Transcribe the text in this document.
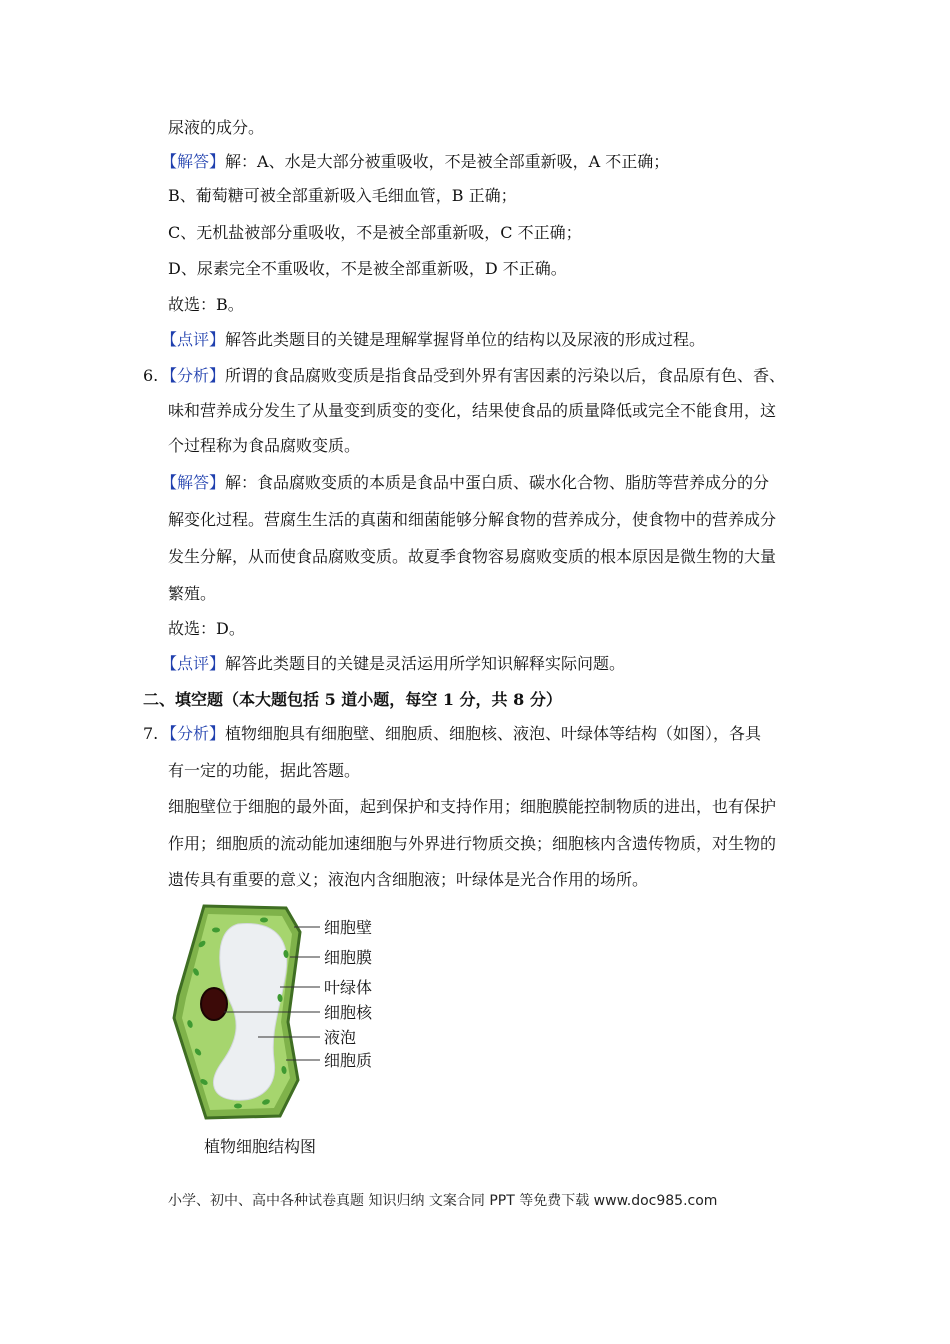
尿液的成分。
【解答】解：A、水是大部分被重吸收，不是被全部重新吸，A 不正确；
B、葡萄糖可被全部重新吸入毛细血管，B 正确；
C、无机盐被部分重吸收，不是被全部重新吸，C 不正确；
D、尿素完全不重吸收，不是被全部重新吸，D 不正确。
故选：B。
【点评】解答此类题目的关键是理解掌握肾单位的结构以及尿液的形成过程。
6. 【分析】所谓的食品腐败变质是指食品受到外界有害因素的污染以后，食品原有色、香、
味和营养成分发生了从量变到质变的变化，结果使食品的质量降低或完全不能食用，这
个过程称为食品腐败变质。
【解答】解：食品腐败变质的本质是食品中蛋白质、碳水化合物、脂肪等营养成分的分
解变化过程。营腐生生活的真菌和细菌能够分解食物的营养成分，使食物中的营养成分
发生分解，从而使食品腐败变质。故夏季食物容易腐败变质的根本原因是微生物的大量
繁殖。
故选：D。
【点评】解答此类题目的关键是灵活运用所学知识解释实际问题。
二、填空题（本大题包括 5 道小题，每空 1 分，共 8 分）
7. 【分析】植物细胞具有细胞壁、细胞质、细胞核、液泡、叶绿体等结构（如图），各具
有一定的功能，据此答题。
细胞壁位于细胞的最外面，起到保护和支持作用；细胞膜能控制物质的进出，也有保护
作用；细胞质的流动能加速细胞与外界进行物质交换；细胞核内含遗传物质，对生物的
遗传具有重要的意义；液泡内含细胞液；叶绿体是光合作用的场所。
细胞壁
细胞膜
叶绿体
细胞核
液泡
细胞质
植物细胞结构图
小学、初中、高中各种试卷真题 知识归纳 文案合同 PPT 等免费下载 www.doc985.com
